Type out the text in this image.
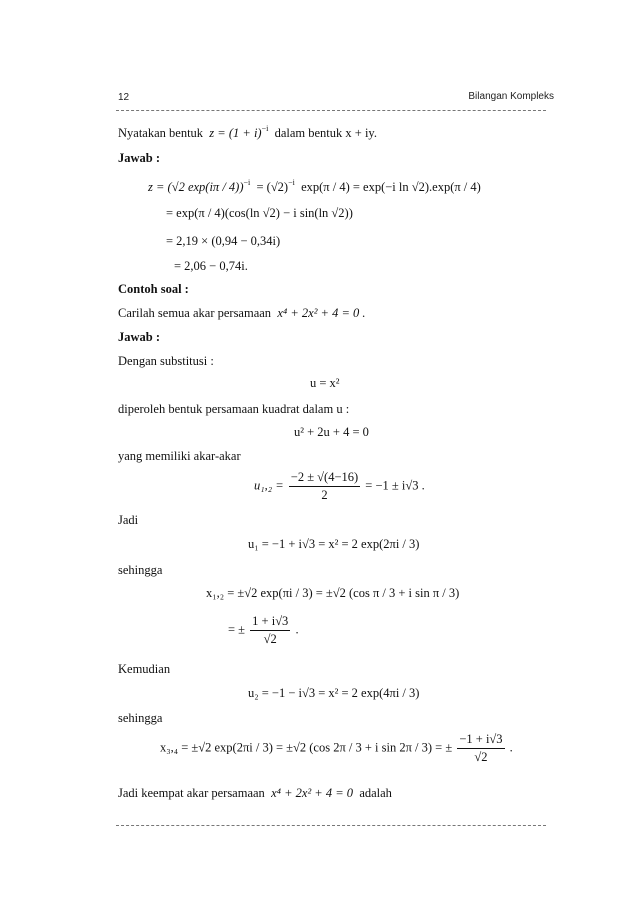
12	Bilangan Kompleks
Nyatakan bentuk $z = (1 + i)^{-i}$ dalam bentuk x + iy.
Jawab :
z = (√2 $\exp(i\pi / 4))^{-i} = (√2)^{-i}$ exp(π / 4) = exp(−i ln √2).exp(π / 4)
= exp(π / 4)(cos(ln √2) − i sin(ln √2))
= 2,19 × (0,94 − 0,34i)
= 2,06 − 0,74i.
Contoh soal :
Carilah semua akar persamaan x⁴ + 2x² + 4 = 0 .
Jawab :
Dengan substitusi :
u = x²
diperoleh bentuk persamaan kuadrat dalam u :
u² + 2u + 4 = 0
yang memiliki akar-akar
$u_1,_2 = \frac{-2 \pm √(4-16)}{2} = -1 \pm i√3$ .
Jadi
u₁ = −1 + i√3 = x² = 2 exp(2πi / 3)
sehingga
x₁,₂ = ±√2 exp(πi / 3) = ±√2 (cos π / 3 + i sin π / 3)
= ± $\frac{1 + i√3}{√2}$ .
Kemudian
u₂ = −1 − i√3 = x² = 2 exp(4πi / 3)
sehingga
x₃,₄ = ±√2 exp(2πi / 3) = ±√2 (cos 2π / 3 + i sin 2π / 3) = ± $\frac{-1 + i√3}{√2}$ .
Jadi keempat akar persamaan x⁴ + 2x² + 4 = 0 adalah
